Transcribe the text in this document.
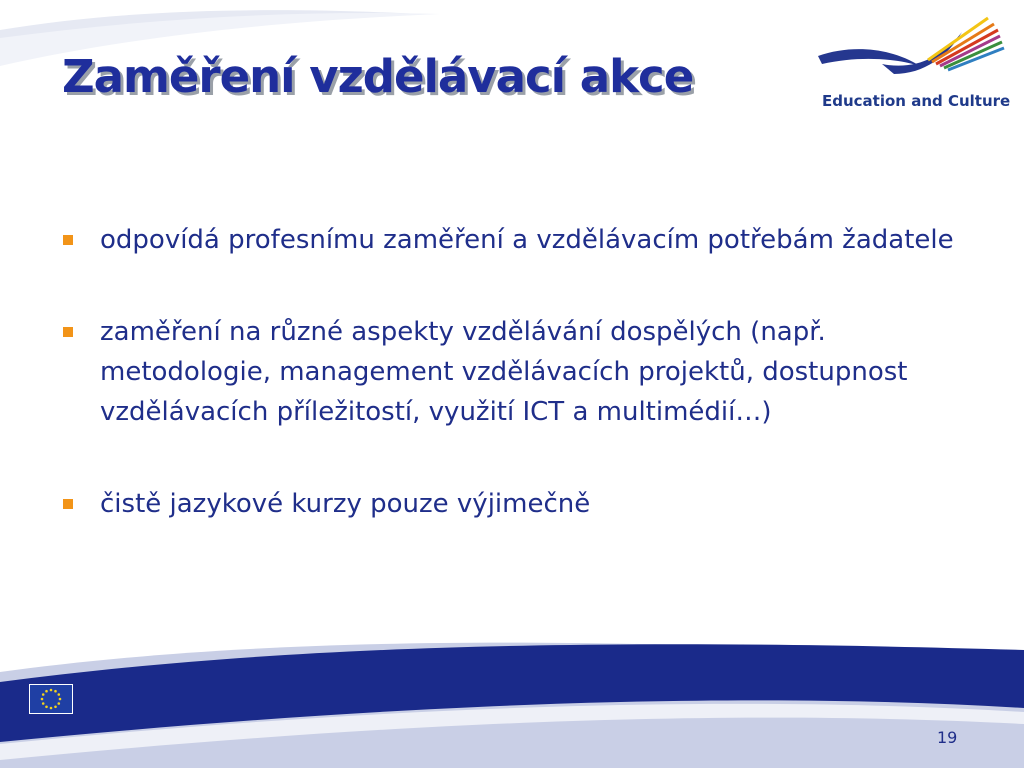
Zaměření vzdělávací akce	Education and Culture
odpovídá profesnímu zaměření a vzdělávacím potřebám žadatele
zaměření na různé aspekty vzdělávání dospělých (např. metodologie, management vzdělávacích projektů, dostupnost vzdělávacích příležitostí, využití ICT a multimédií…)
čistě jazykové kurzy pouze výjimečně
19
